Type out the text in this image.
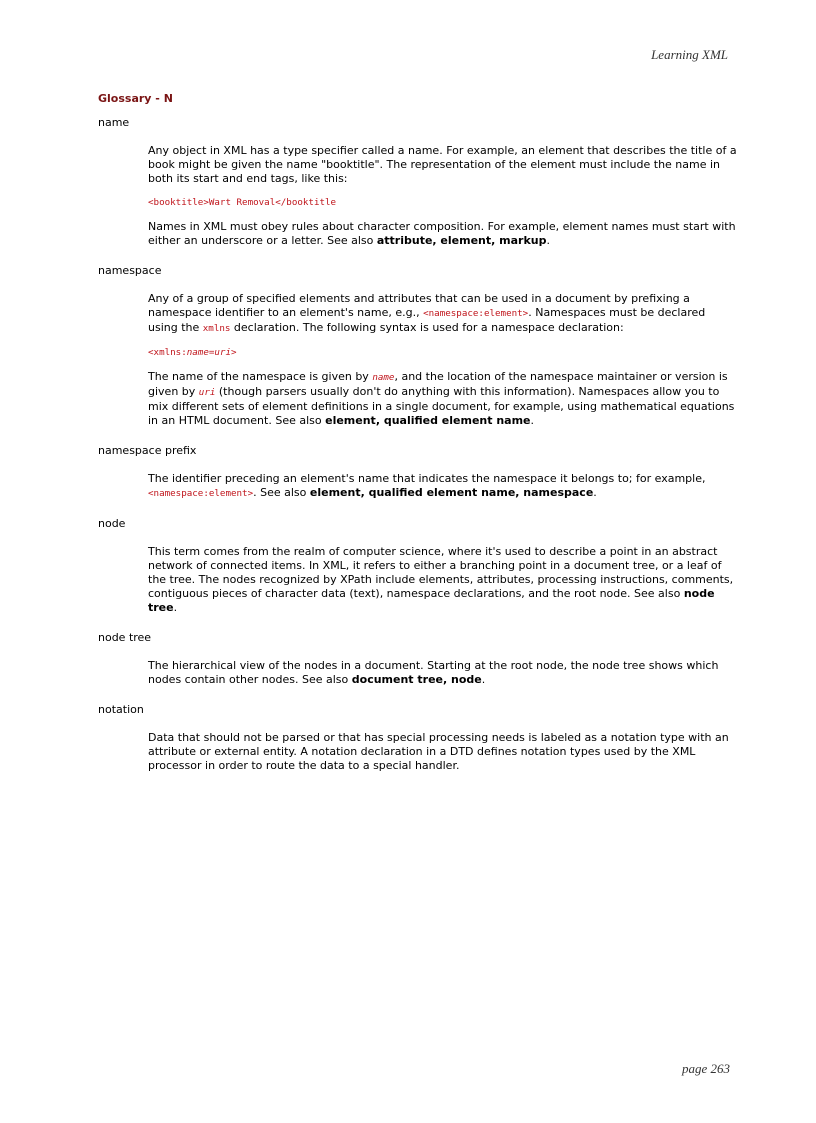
Learning XML
Glossary - N

name

Any object in XML has a type specifier called a name. For example, an element that describes the title of a book might be given the name "booktitle". The representation of the element must include the name in both its start and end tags, like this:

<booktitle>Wart Removal</booktitle

Names in XML must obey rules about character composition. For example, element names must start with either an underscore or a letter. See also attribute, element, markup.

namespace

Any of a group of specified elements and attributes that can be used in a document by prefixing a namespace identifier to an element's name, e.g., <namespace:element>. Namespaces must be declared using the xmlns declaration. The following syntax is used for a namespace declaration:

<xmlns:name=uri>

The name of the namespace is given by name, and the location of the namespace maintainer or version is given by uri (though parsers usually don't do anything with this information). Namespaces allow you to mix different sets of element definitions in a single document, for example, using mathematical equations in an HTML document. See also element, qualified element name.

namespace prefix

The identifier preceding an element's name that indicates the namespace it belongs to; for example, <namespace:element>. See also element, qualified element name, namespace.

node

This term comes from the realm of computer science, where it's used to describe a point in an abstract network of connected items. In XML, it refers to either a branching point in a document tree, or a leaf of the tree. The nodes recognized by XPath include elements, attributes, processing instructions, comments, contiguous pieces of character data (text), namespace declarations, and the root node. See also node tree.

node tree

The hierarchical view of the nodes in a document. Starting at the root node, the node tree shows which nodes contain other nodes. See also document tree, node.

notation

Data that should not be parsed or that has special processing needs is labeled as a notation type with an attribute or external entity. A notation declaration in a DTD defines notation types used by the XML processor in order to route the data to a special handler.

page 263
